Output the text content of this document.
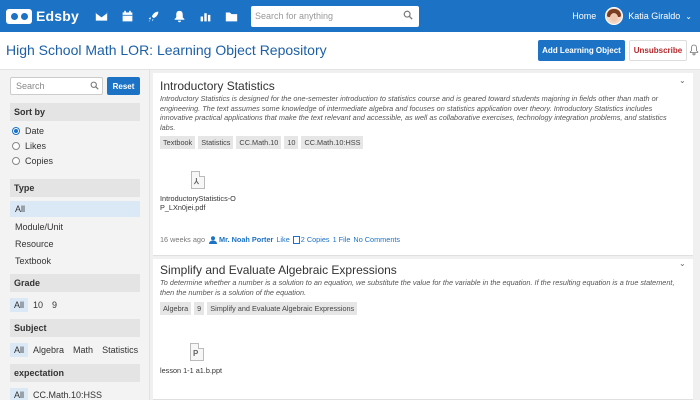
Edsby
Search for anything	Home	Katia Giraldo ⌄
High School Math LOR: Learning Object Repository	Add Learning Object	Unsubscribe
Search
Reset
Sort by
Date
Likes
Copies
Type
All
Module/Unit
Resource
Textbook
Grade
All	10	9
Subject
All	Algebra	Math	Statistics
expectation
All	CC.Math.10:HSS
Introductory Statistics	⌄
Introductory Statistics is designed for the one-semester introduction to statistics course and is geared toward students majoring in fields other than math or engineering. The text assumes some knowledge of intermediate algebra and focuses on statistics application over theory. Introductory Statistics includes innovative practical applications that make the text relevant and accessible, as well as collaborative exercises, technology integration problems, and statistics labs.
Textbook	Statistics	CC.Math.10	10	CC.Math.10:HSS
⅄
IntroductoryStatistics-OP_LXn0jei.pdf
16 weeks ago Mr. Noah Porter Like 2 Copies 1 File No Comments
Simplify and Evaluate Algebraic Expressions	⌄
To determine whether a number is a solution to an equation, we substitute the value for the variable in the equation. If the resulting equation is a true statement, then the number is a solution of the equation.
Algebra	9	Simplify and Evaluate Algebraic Expressions
P
lesson 1-1 a1.b.ppt
